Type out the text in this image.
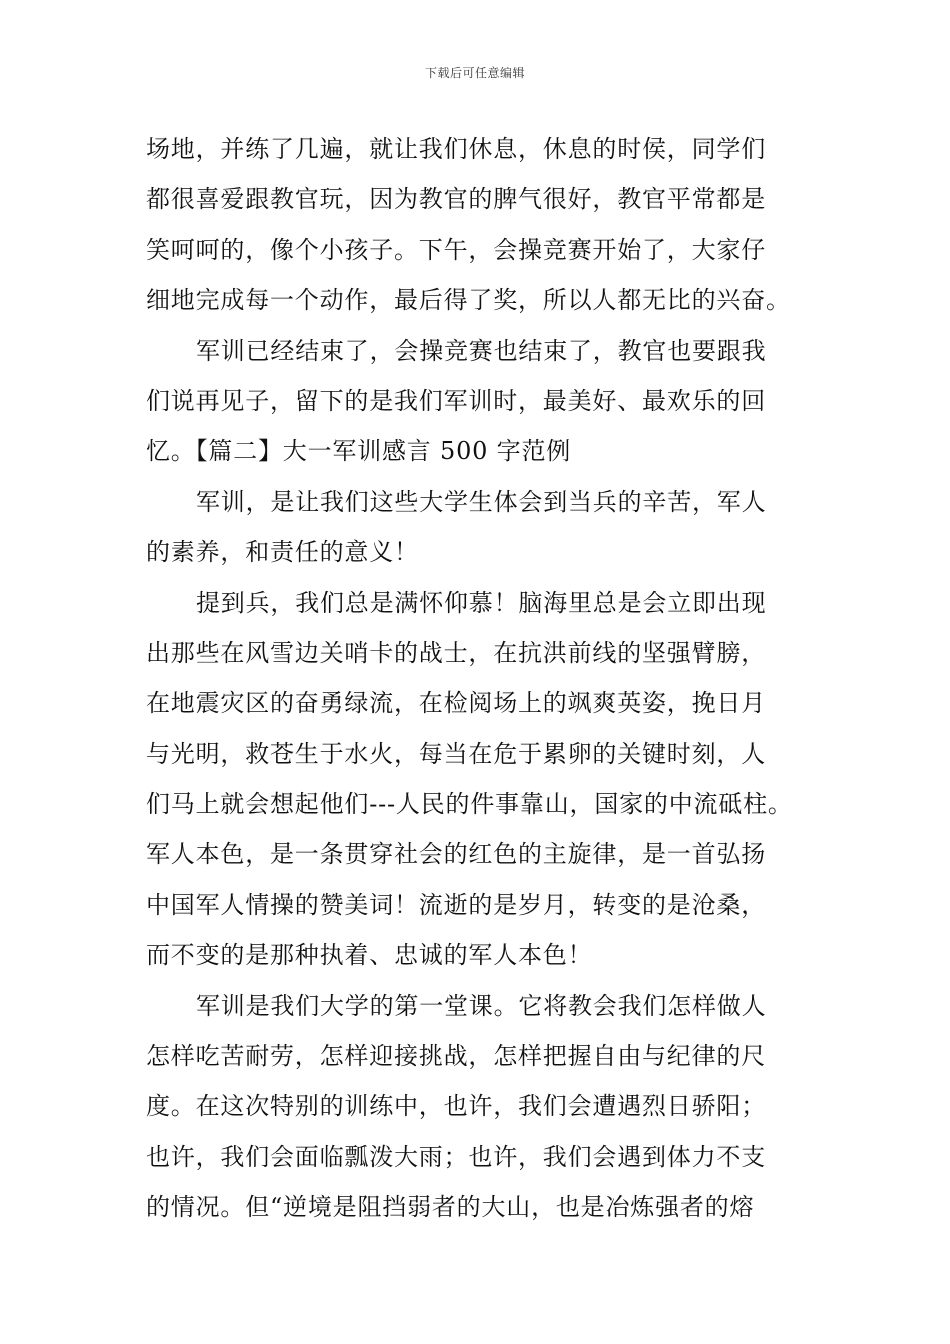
下载后可任意编辑
场地，并练了几遍，就让我们休息，休息的时侯，同学们
都很喜爱跟教官玩，因为教官的脾气很好，教官平常都是
笑呵呵的，像个小孩子。下午，会操竞赛开始了，大家仔
细地完成每一个动作，最后得了奖，所以人都无比的兴奋。
军训已经结束了，会操竞赛也结束了，教官也要跟我
们说再见子，留下的是我们军训时，最美好、最欢乐的回
忆。【篇二】大一军训感言 500 字范例
军训，是让我们这些大学生体会到当兵的辛苦，军人
的素养，和责任的意义！
提到兵，我们总是满怀仰慕！脑海里总是会立即出现
出那些在风雪边关哨卡的战士，在抗洪前线的坚强臂膀，
在地震灾区的奋勇绿流，在检阅场上的飒爽英姿，挽日月
与光明，救苍生于水火，每当在危于累卵的关键时刻，人
们马上就会想起他们---人民的件事靠山，国家的中流砥柱。
军人本色，是一条贯穿社会的红色的主旋律，是一首弘扬
中国军人情操的赞美词！流逝的是岁月，转变的是沧桑，
而不变的是那种执着、忠诚的军人本色！
军训是我们大学的第一堂课。它将教会我们怎样做人
怎样吃苦耐劳，怎样迎接挑战，怎样把握自由与纪律的尺
度。在这次特别的训练中，也许，我们会遭遇烈日骄阳；
也许，我们会面临瓢泼大雨；也许，我们会遇到体力不支
的情况。但“逆境是阻挡弱者的大山，也是冶炼强者的熔
